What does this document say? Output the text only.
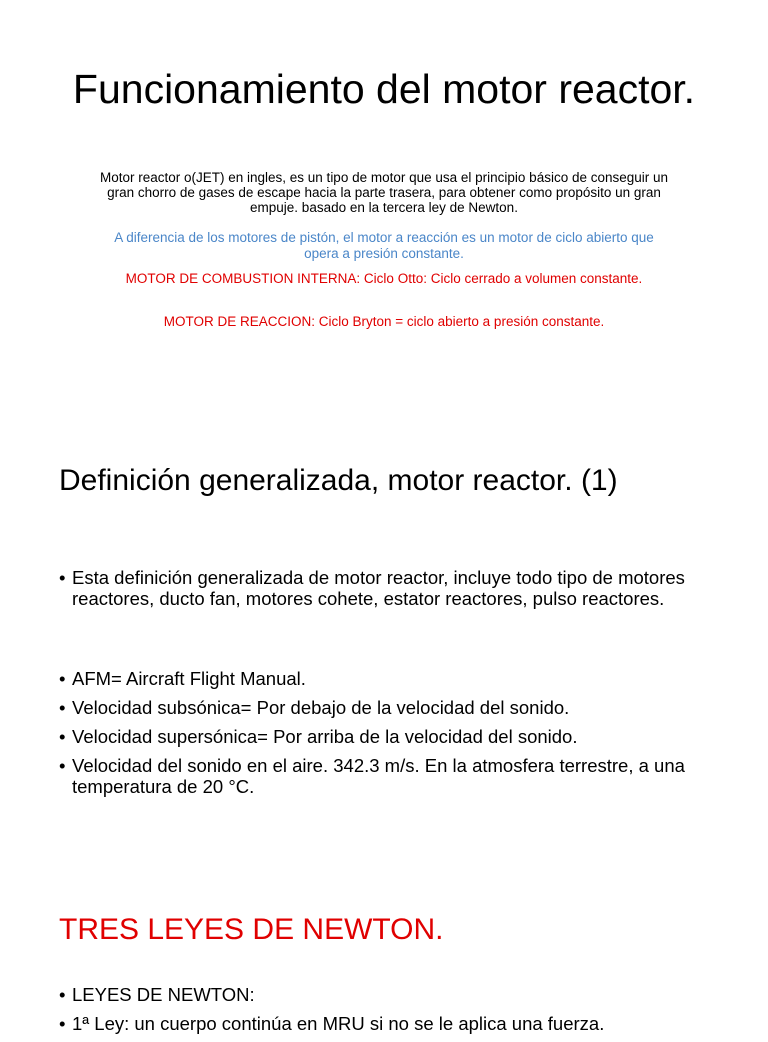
Funcionamiento del motor reactor.

Motor reactor o(JET) en ingles, es un tipo de motor que usa el principio básico de conseguir un gran chorro de gases de escape hacia la parte trasera, para obtener como propósito un gran empuje. basado en la tercera ley de Newton.

A diferencia de los motores de pistón, el motor a reacción es un motor de ciclo abierto que opera a presión constante.

MOTOR DE COMBUSTION INTERNA: Ciclo Otto: Ciclo cerrado a volumen constante.

MOTOR DE REACCION: Ciclo Bryton = ciclo abierto a presión constante.

Definición generalizada, motor reactor. (1)
• Esta definición generalizada de motor reactor, incluye todo tipo de motores reactores, ducto fan, motores cohete, estator reactores, pulso reactores.
• AFM= Aircraft Flight Manual.
• Velocidad subsónica= Por debajo de la velocidad del sonido.
• Velocidad supersónica= Por arriba de la velocidad del sonido.
• Velocidad del sonido en el aire. 342.3 m/s. En la atmosfera terrestre, a una temperatura de 20 °C.
TRES LEYES DE NEWTON.
• LEYES DE NEWTON:
• 1ª Ley: un cuerpo continúa en MRU si no se le aplica una fuerza.
